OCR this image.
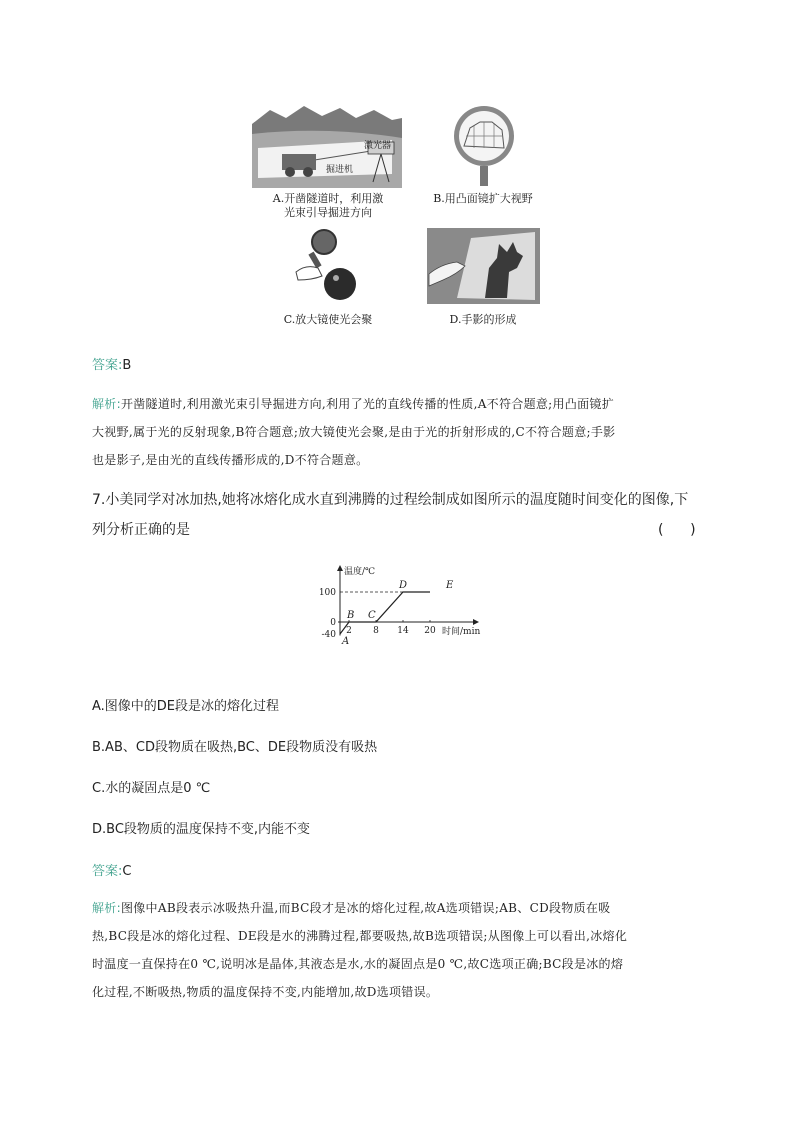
激光器
掘进机
A.开凿隧道时，利用激
光束引导掘进方向
B.用凸面镜扩大视野
C.放大镜使光会聚	D.手影的形成
答案:B
解析:开凿隧道时,利用激光束引导掘进方向,利用了光的直线传播的性质,A不符合题意;用凸面镜扩
大视野,属于光的反射现象,B符合题意;放大镜使光会聚,是由于光的折射形成的,C不符合题意;手影
也是影子,是由光的直线传播形成的,D不符合题意。
7.小美同学对冰加热,她将冰熔化成水直到沸腾的过程绘制成如图所示的温度随时间变化的图像,下
列分析正确的是	(      )
温度/℃
时间/min
100
0
-40 2 8 14 20
A
B C
D	E
A.图像中的DE段是冰的熔化过程
B.AB、CD段物质在吸热,BC、DE段物质没有吸热
C.水的凝固点是0 ℃
D.BC段物质的温度保持不变,内能不变
答案:C
解析:图像中AB段表示冰吸热升温,而BC段才是冰的熔化过程,故A选项错误;AB、CD段物质在吸
热,BC段是冰的熔化过程、DE段是水的沸腾过程,都要吸热,故B选项错误;从图像上可以看出,冰熔化
时温度一直保持在0 ℃,说明冰是晶体,其液态是水,水的凝固点是0 ℃,故C选项正确;BC段是冰的熔
化过程,不断吸热,物质的温度保持不变,内能增加,故D选项错误。
